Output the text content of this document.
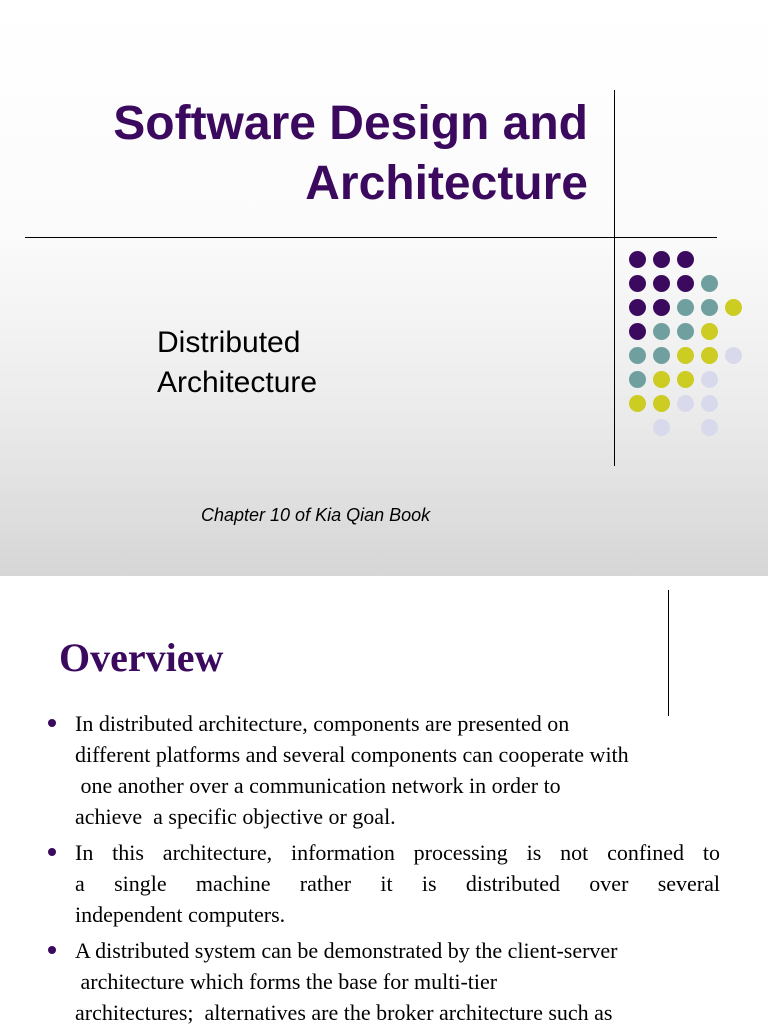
Software Design and
Architecture

Distributed
Architecture

Chapter 10 of Kia Qian Book

Overview
In distributed architecture, components are presented on
different platforms and several components can cooperate with
one another over a communication network in order to
achieve  a specific objective or goal.
In this architecture, information processing is not confined to
a single machine rather it is distributed over several
independent computers.
A distributed system can be demonstrated by the client-server
architecture which forms the base for multi-tier
architectures;  alternatives are the broker architecture such as
